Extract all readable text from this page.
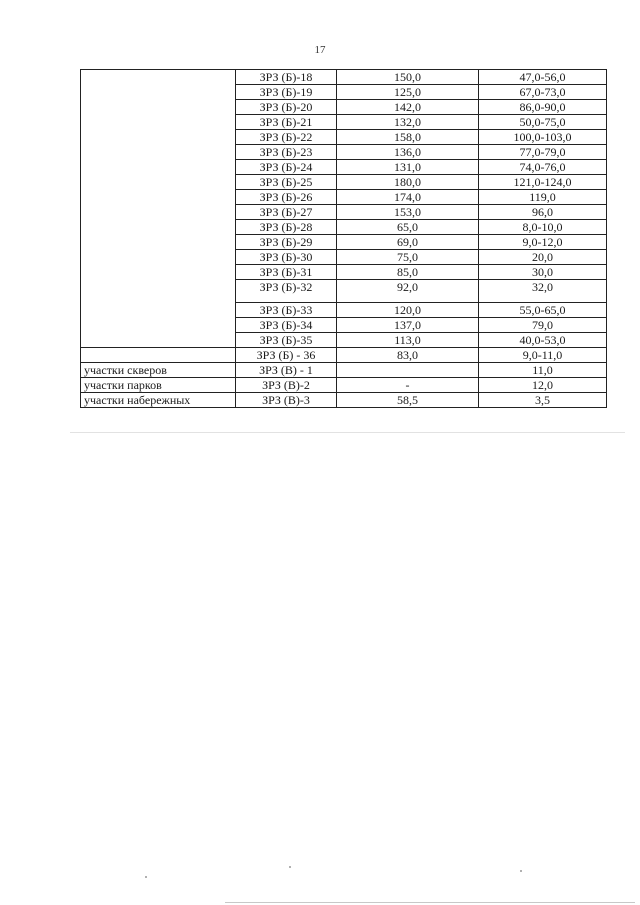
17
	ЗРЗ (Б)-18	150,0	47,0-56,0
	ЗРЗ (Б)-19	125,0	67,0-73,0
	ЗРЗ (Б)-20	142,0	86,0-90,0
	ЗРЗ (Б)-21	132,0	50,0-75,0
	ЗРЗ (Б)-22	158,0	100,0-103,0
	ЗРЗ (Б)-23	136,0	77,0-79,0
	ЗРЗ (Б)-24	131,0	74,0-76,0
	ЗРЗ (Б)-25	180,0	121,0-124,0
	ЗРЗ (Б)-26	174,0	119,0
	ЗРЗ (Б)-27	153,0	96,0
	ЗРЗ (Б)-28	65,0	8,0-10,0
	ЗРЗ (Б)-29	69,0	9,0-12,0
	ЗРЗ (Б)-30	75,0	20,0
	ЗРЗ (Б)-31	85,0	30,0
	ЗРЗ (Б)-32	92,0	32,0
	ЗРЗ (Б)-33	120,0	55,0-65,0
	ЗРЗ (Б)-34	137,0	79,0
	ЗРЗ (Б)-35	113,0	40,0-53,0
	ЗРЗ (Б) - 36	83,0	9,0-11,0
участки скверов	ЗРЗ (В) - 1		11,0
участки парков	ЗРЗ (В)-2	-	12,0
участки набережных	ЗРЗ (В)-3	58,5	3,5
